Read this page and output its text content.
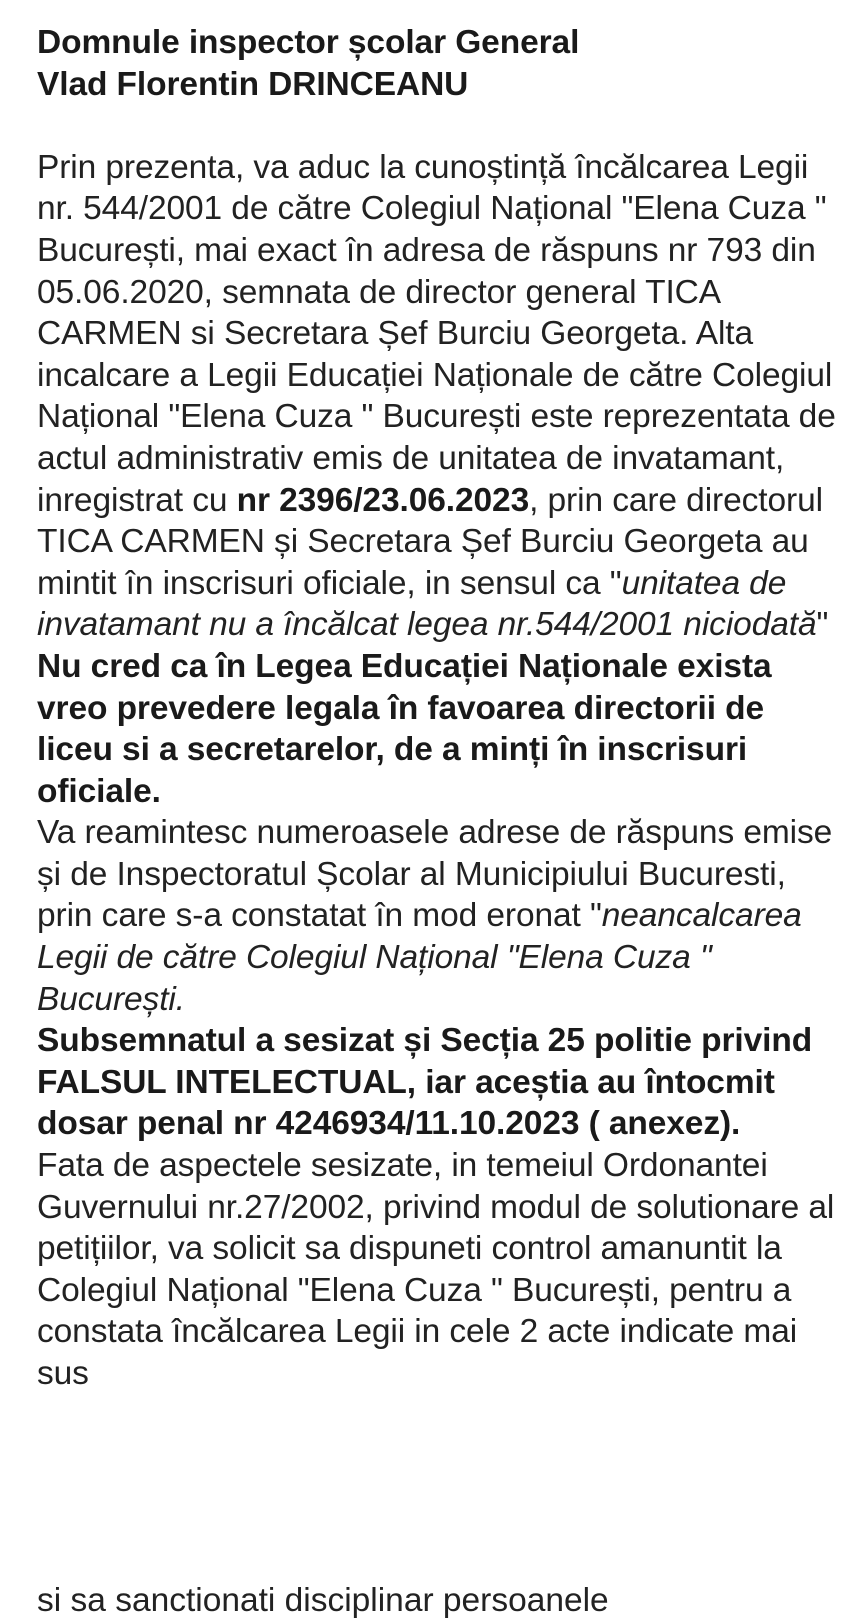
Domnule inspector școlar General
Vlad Florentin DRINCEANU

Prin prezenta, va aduc la cunoștință încălcarea Legii nr. 544/2001 de către Colegiul Național "Elena Cuza " București, mai exact în adresa de răspuns nr 793 din 05.06.2020, semnata de director general TICA CARMEN si Secretara Șef Burciu Georgeta. Alta incalcare a Legii Educației Naționale de către Colegiul Național "Elena Cuza " București este reprezentata de actul administrativ emis de unitatea de invatamant, inregistrat cu nr 2396/23.06.2023, prin care directorul TICA CARMEN și Secretara Șef Burciu Georgeta au mintit în inscrisuri oficiale, in sensul ca "unitatea de invatamant nu a încălcat legea nr.544/2001 niciodată"

Nu cred ca în Legea Educației Naționale exista vreo prevedere legala în favoarea directorii de liceu si a secretarelor, de a minți în inscrisuri oficiale.

Va reamintesc numeroasele adrese de răspuns emise și de Inspectoratul Școlar al Municipiului Bucuresti, prin care s-a constatat în mod eronat "neancalcarea Legii de către Colegiul Național "Elena Cuza " București.

Subsemnatul a sesizat și Secția 25 politie privind FALSUL INTELECTUAL, iar aceștia au întocmit dosar penal nr 4246934/11.10.2023 ( anexez).

Fata de aspectele sesizate, in temeiul Ordonantei Guvernului nr.27/2002, privind modul de solutionare al petițiilor, va solicit sa dispuneti control amanuntit la Colegiul Național "Elena Cuza " București, pentru a constata încălcarea Legii in cele 2 acte indicate mai sus

si sa sanctionati disciplinar persoanele
